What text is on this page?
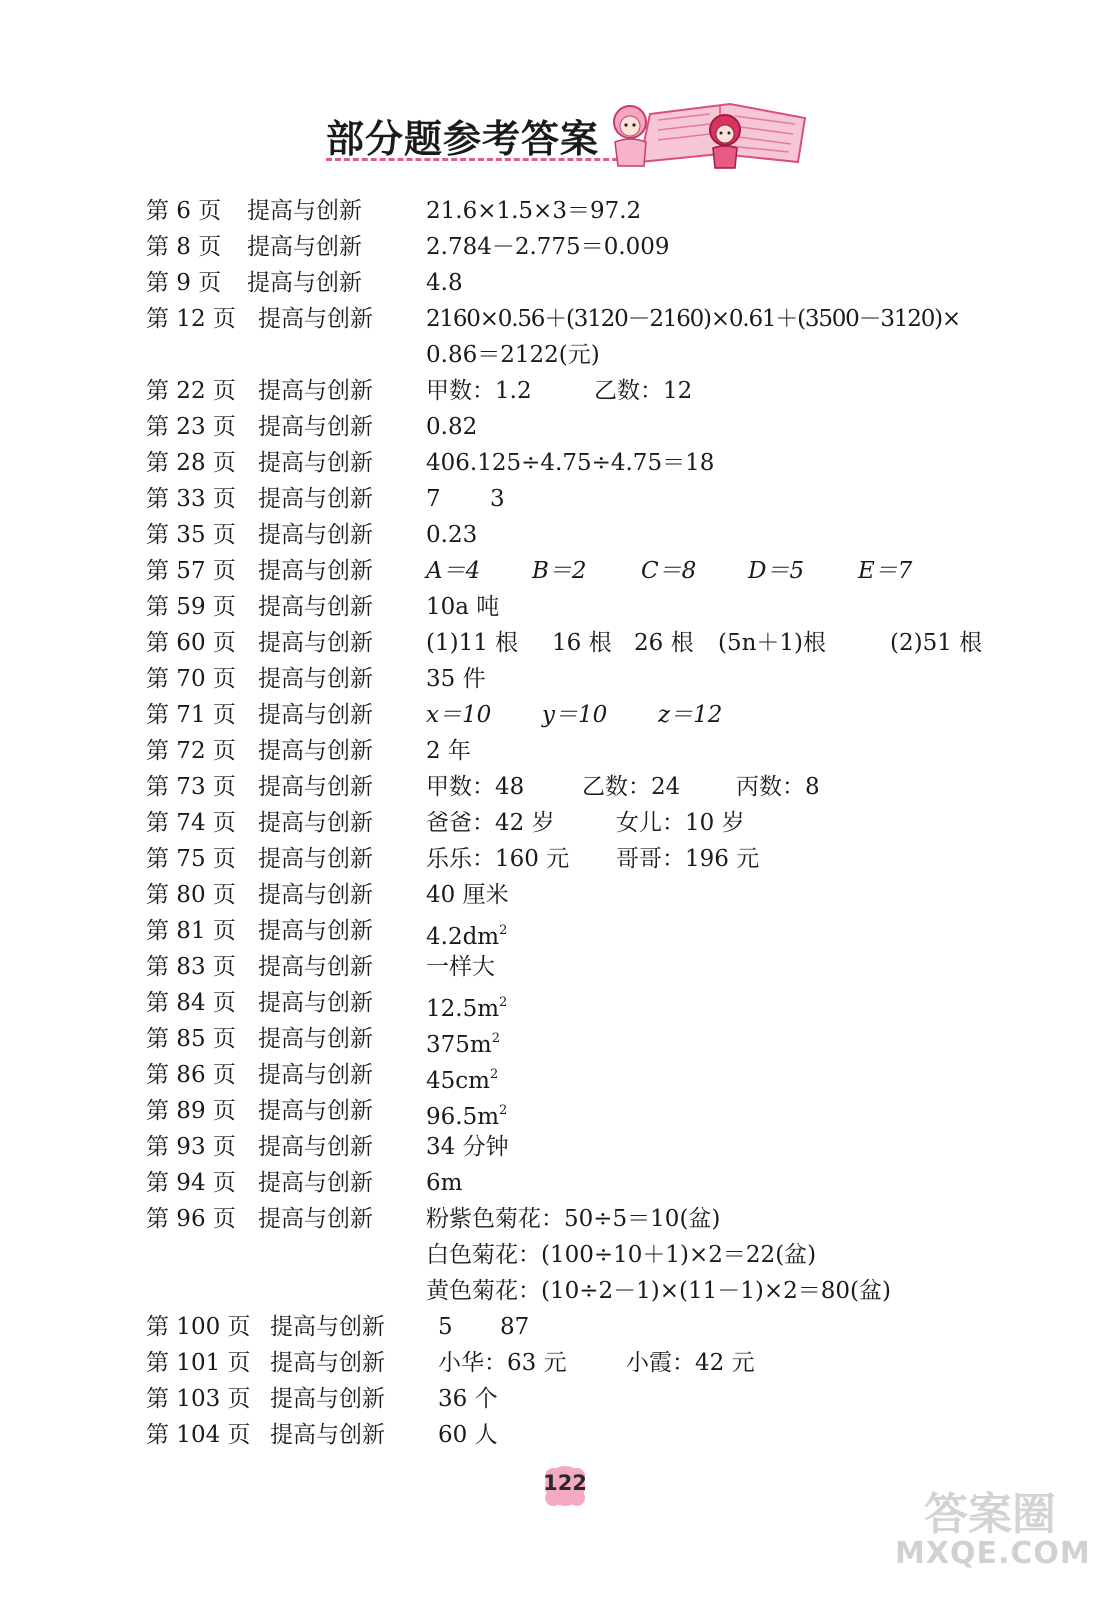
部分题参考答案
第 6 页 提高与创新	21.6×1.5×3＝97.2
第 8 页 提高与创新	2.784－2.775＝0.009
第 9 页 提高与创新	4.8
第 12 页 提高与创新 2160×0.56＋(3120－2160)×0.61＋(3500－3120)×
0.86＝2122(元)
第 22 页 提高与创新 甲数：1.2	乙数：12
第 23 页 提高与创新 0.82
第 28 页 提高与创新 406.125÷4.75÷4.75＝18
第 33 页 提高与创新 7 3
第 35 页 提高与创新 0.23
第 57 页 提高与创新 A＝4 B＝2 C＝8 D＝5 E＝7
第 59 页 提高与创新 10a 吨
第 60 页 提高与创新 (1)11 根 16 根 26 根 (5n＋1)根	(2)51 根
第 70 页 提高与创新 35 件
第 71 页 提高与创新 x＝10 y＝10 z＝12
第 72 页 提高与创新 2 年
第 73 页 提高与创新 甲数：48	乙数：24 丙数：8
第 74 页 提高与创新 爸爸：42 岁	女儿：10 岁
第 75 页 提高与创新 乐乐：160 元 哥哥：196 元
第 80 页 提高与创新 40 厘米
第 81 页 提高与创新 $4.2dm^2$
第 83 页 提高与创新 一样大
第 84 页 提高与创新 $12.5m^2$
第 85 页 提高与创新 $375m^2$
第 86 页 提高与创新 $45cm^2$
第 89 页 提高与创新 $96.5m^2$
第 93 页 提高与创新 34 分钟
第 94 页 提高与创新 6m
第 96 页 提高与创新 粉紫色菊花：50÷5＝10(盆)
白色菊花：(100÷10＋1)×2＝22(盆)
黄色菊花：(10÷2－1)×(11－1)×2＝80(盆)
第 100 页 提高与创新 5 87
第 101 页 提高与创新 小华：63 元	小霞：42 元
第 103 页 提高与创新 36 个
第 104 页 提高与创新 60 人
122
答案圈
MXQE.COM
